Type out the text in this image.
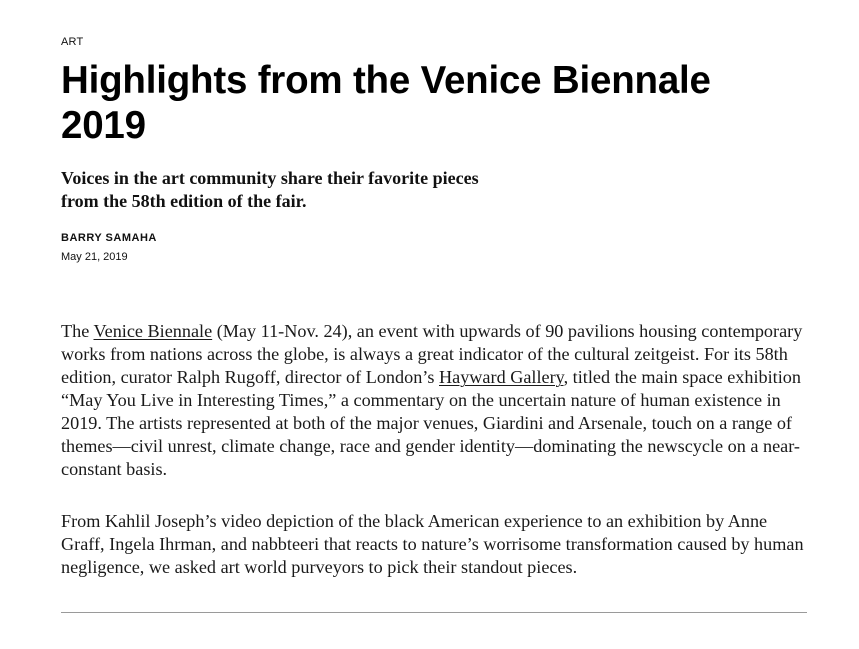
ART
Highlights from the Venice Biennale 2019
Voices in the art community share their favorite pieces from the 58th edition of the fair.
BARRY SAMAHA
May 21, 2019

The Venice Biennale (May 11-Nov. 24), an event with upwards of 90 pavilions housing contemporary works from nations across the globe, is always a great indicator of the cultural zeitgeist. For its 58th edition, curator Ralph Rugoff, director of London’s Hayward Gallery, titled the main space exhibition “May You Live in Interesting Times,” a commentary on the uncertain nature of human existence in 2019. The artists represented at both of the major venues, Giardini and Arsenale, touch on a range of themes—civil unrest, climate change, race and gender identity—dominating the newscycle on a near-constant basis.

From Kahlil Joseph’s video depiction of the black American experience to an exhibition by Anne Graff, Ingela Ihrman, and nabbteeri that reacts to nature’s worrisome transformation caused by human negligence, we asked art world purveyors to pick their standout pieces.
